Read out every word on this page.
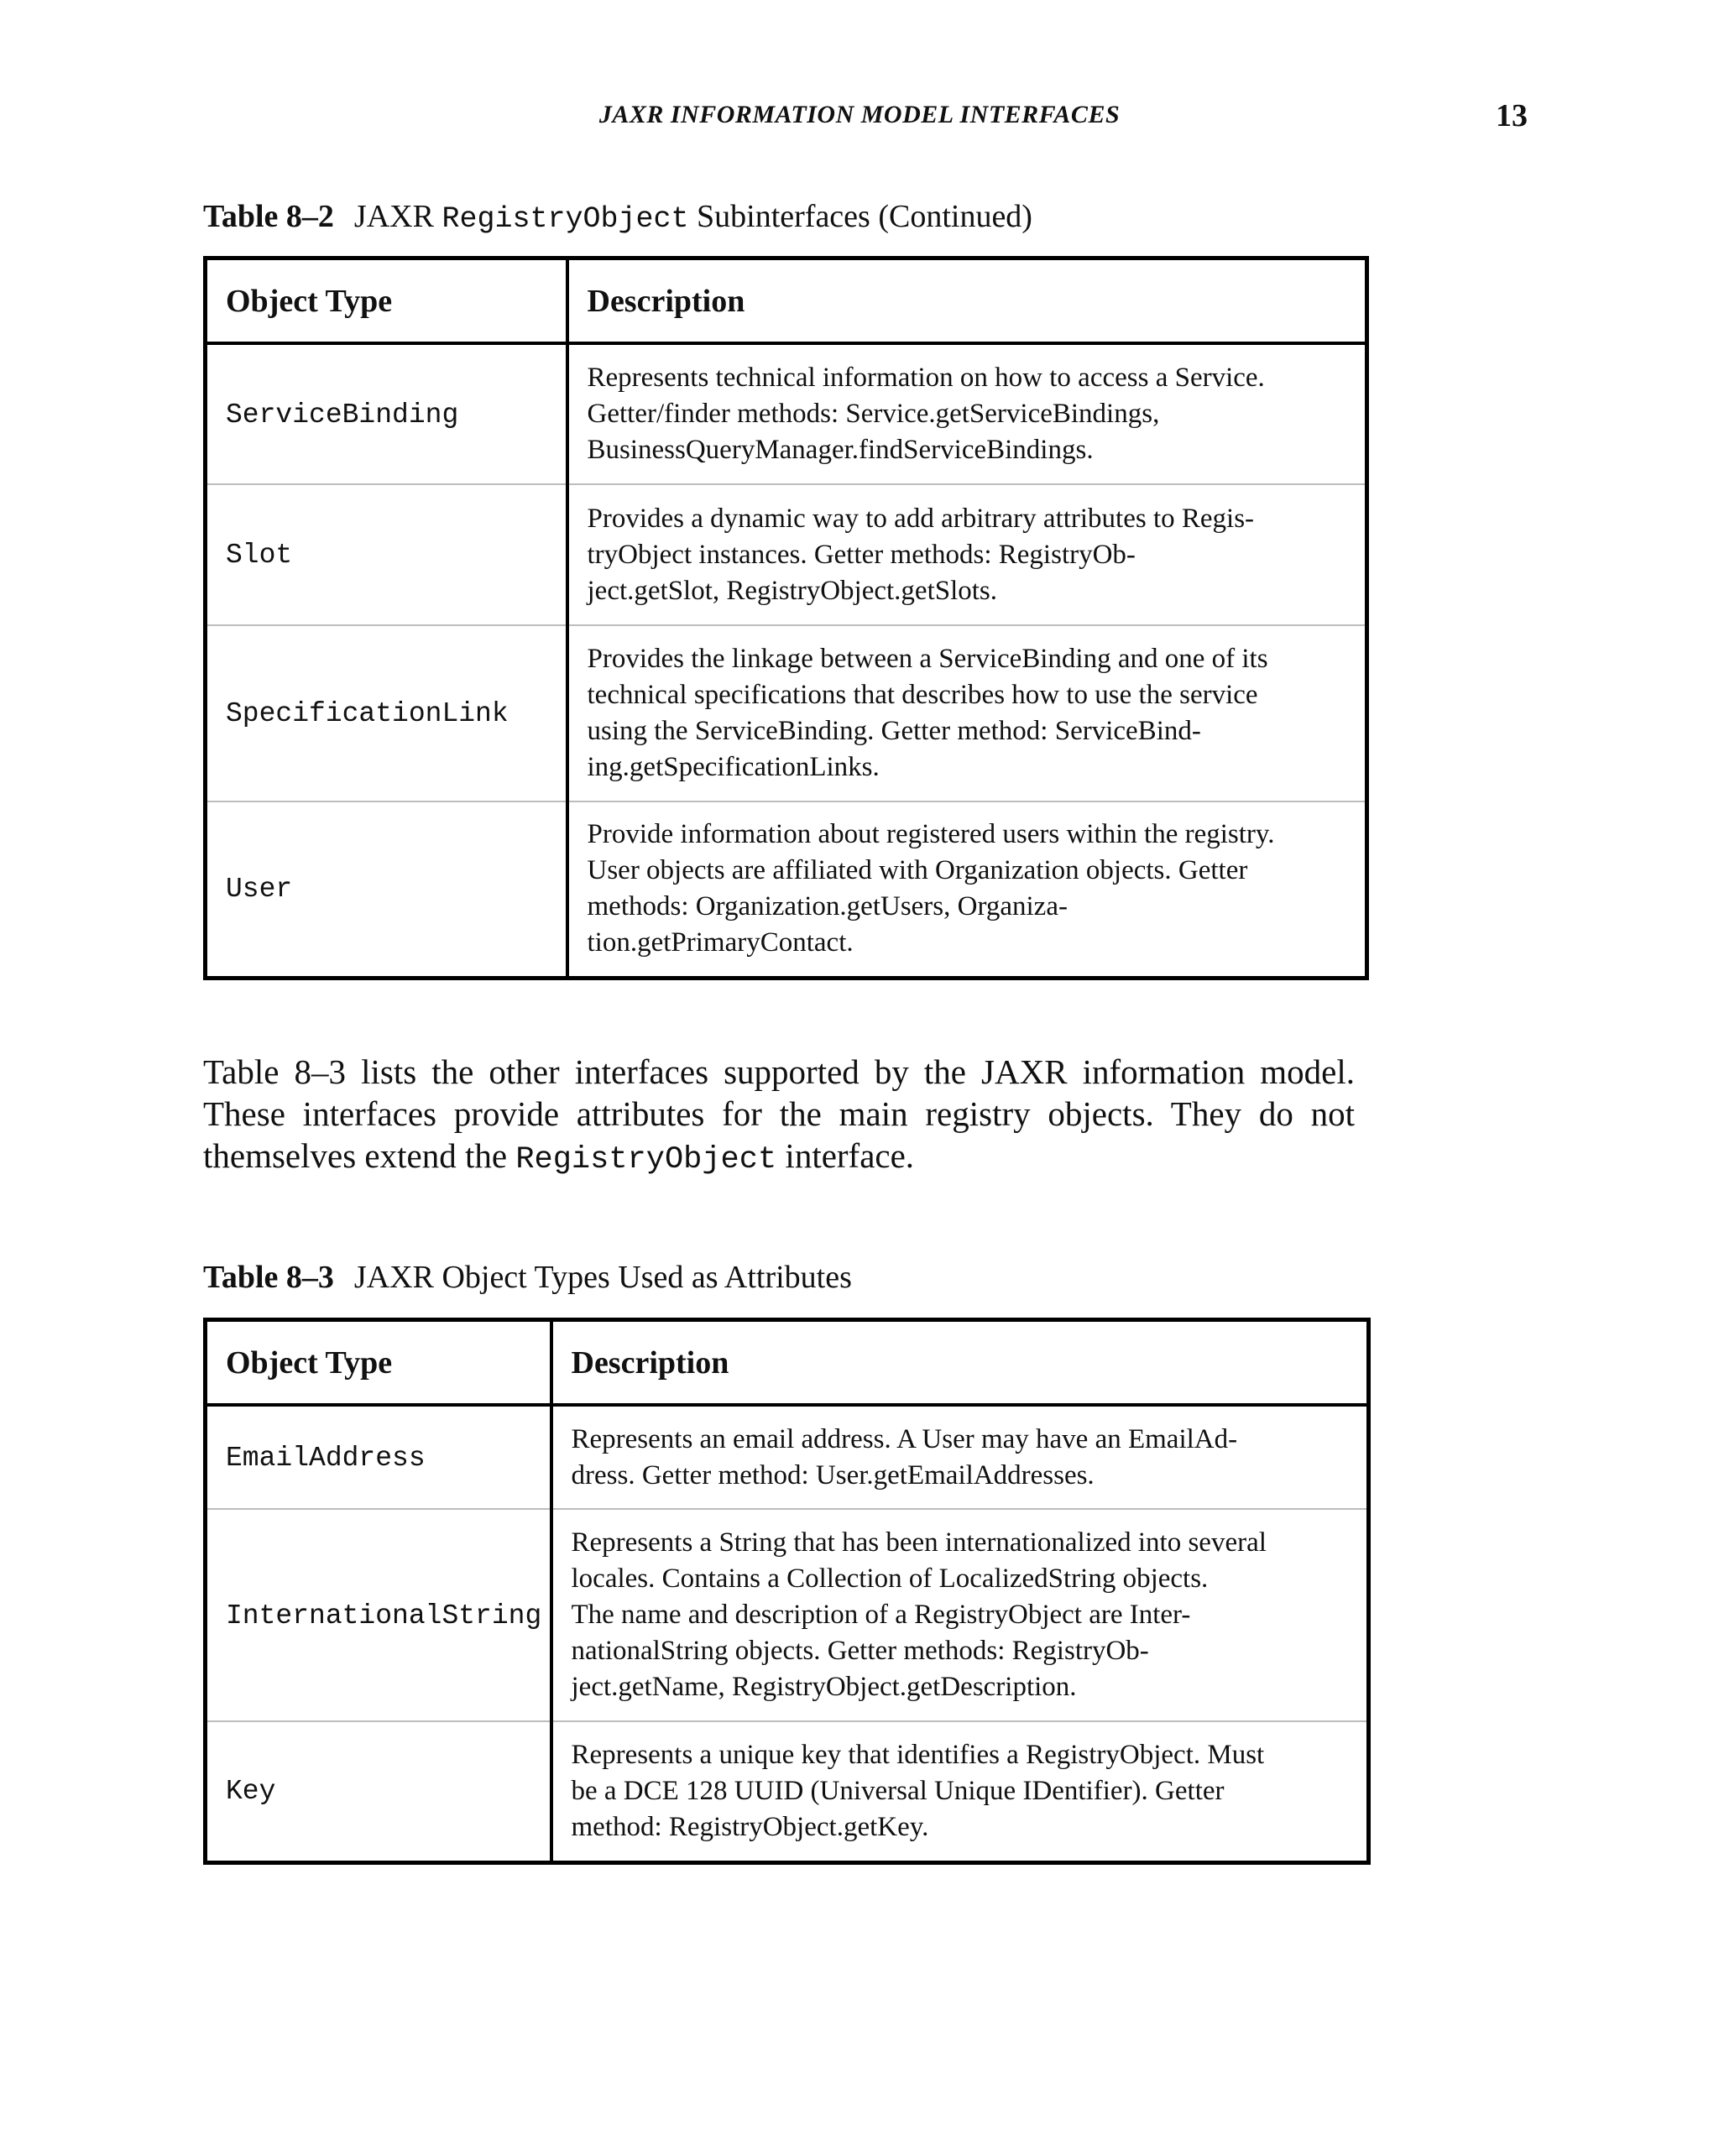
JAXR INFORMATION MODEL INTERFACES	13
Table 8–2 JAXR RegistryObject Subinterfaces (Continued)
Object Type	Description
ServiceBinding	Represents technical information on how to access a Service.
Getter/finder methods: Service.getServiceBindings,
BusinessQueryManager.findServiceBindings.

Slot	Provides a dynamic way to add arbitrary attributes to Regis-
tryObject instances. Getter methods: RegistryOb-
ject.getSlot, RegistryObject.getSlots.

SpecificationLink	Provides the linkage between a ServiceBinding and one of its
technical specifications that describes how to use the service
using the ServiceBinding. Getter method: ServiceBind-
ing.getSpecificationLinks.

User	Provide information about registered users within the registry.
User objects are affiliated with Organization objects. Getter
methods: Organization.getUsers, Organiza-
tion.getPrimaryContact.
Table 8–3 lists the other interfaces supported by the JAXR information model. These interfaces provide attributes for the main registry objects. They do not themselves extend the RegistryObject interface.
Table 8–3 JAXR Object Types Used as Attributes
Object Type	Description
EmailAddress	Represents an email address. A User may have an EmailAd-
dress. Getter method: User.getEmailAddresses.

InternationalString	Represents a String that has been internationalized into several
locales. Contains a Collection of LocalizedString objects.
The name and description of a RegistryObject are Inter-
nationalString objects. Getter methods: RegistryOb-
ject.getName, RegistryObject.getDescription.

Key	Represents a unique key that identifies a RegistryObject. Must
be a DCE 128 UUID (Universal Unique IDentifier). Getter
method: RegistryObject.getKey.
